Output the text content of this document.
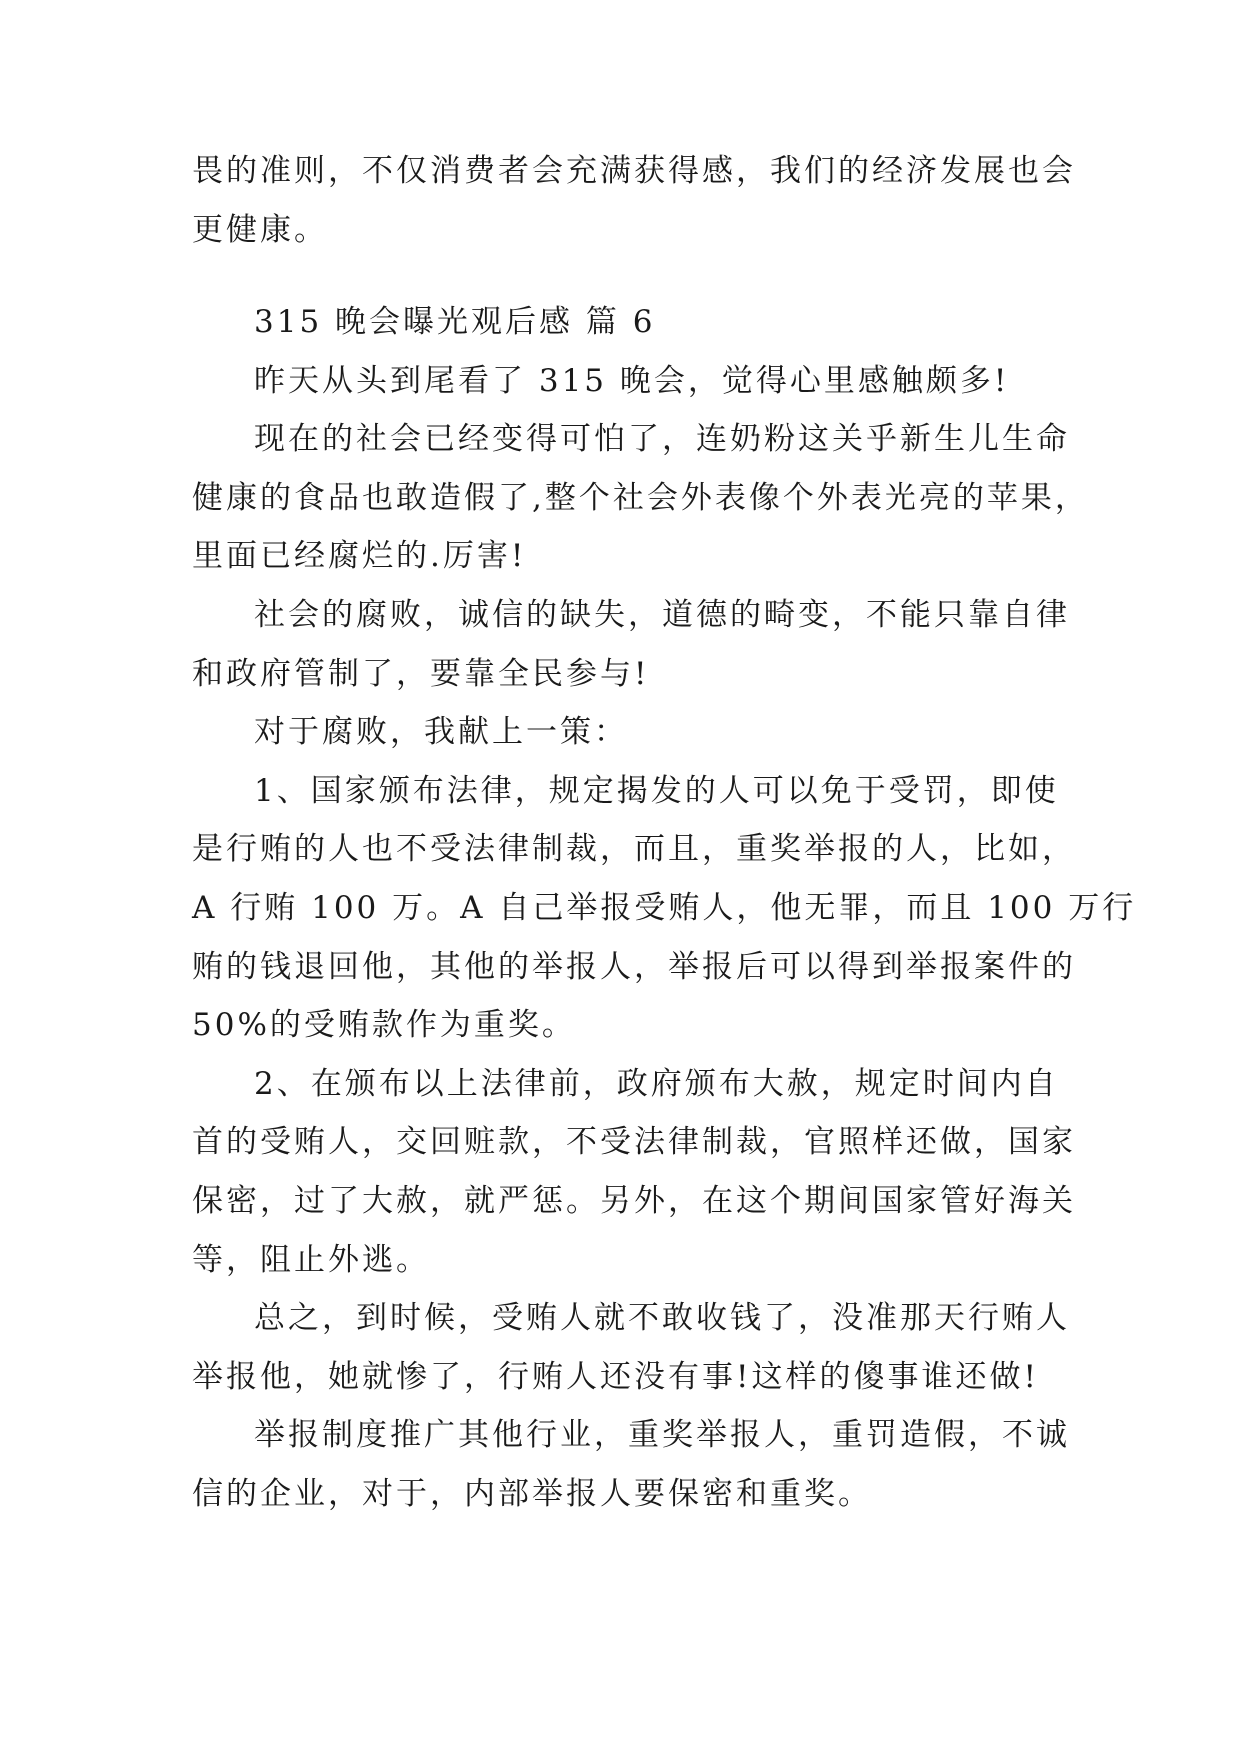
畏的准则，不仅消费者会充满获得感，我们的经济发展也会
更健康。
315 晚会曝光观后感 篇 6
昨天从头到尾看了 315 晚会，觉得心里感触颇多!
现在的社会已经变得可怕了，连奶粉这关乎新生儿生命
健康的食品也敢造假了,整个社会外表像个外表光亮的苹果，
里面已经腐烂的.厉害!
社会的腐败，诚信的缺失，道德的畸变，不能只靠自律
和政府管制了，要靠全民参与!
对于腐败，我献上一策：
1、国家颁布法律，规定揭发的人可以免于受罚，即使
是行贿的人也不受法律制裁，而且，重奖举报的人，比如，
A 行贿 100 万。A 自己举报受贿人，他无罪，而且 100 万行
贿的钱退回他，其他的举报人，举报后可以得到举报案件的
50%的受贿款作为重奖。
2、在颁布以上法律前，政府颁布大赦，规定时间内自
首的受贿人，交回赃款，不受法律制裁，官照样还做，国家
保密，过了大赦，就严惩。另外，在这个期间国家管好海关
等，阻止外逃。
总之，到时候，受贿人就不敢收钱了，没准那天行贿人
举报他，她就惨了，行贿人还没有事!这样的傻事谁还做!
举报制度推广其他行业，重奖举报人，重罚造假，不诚
信的企业，对于，内部举报人要保密和重奖。
